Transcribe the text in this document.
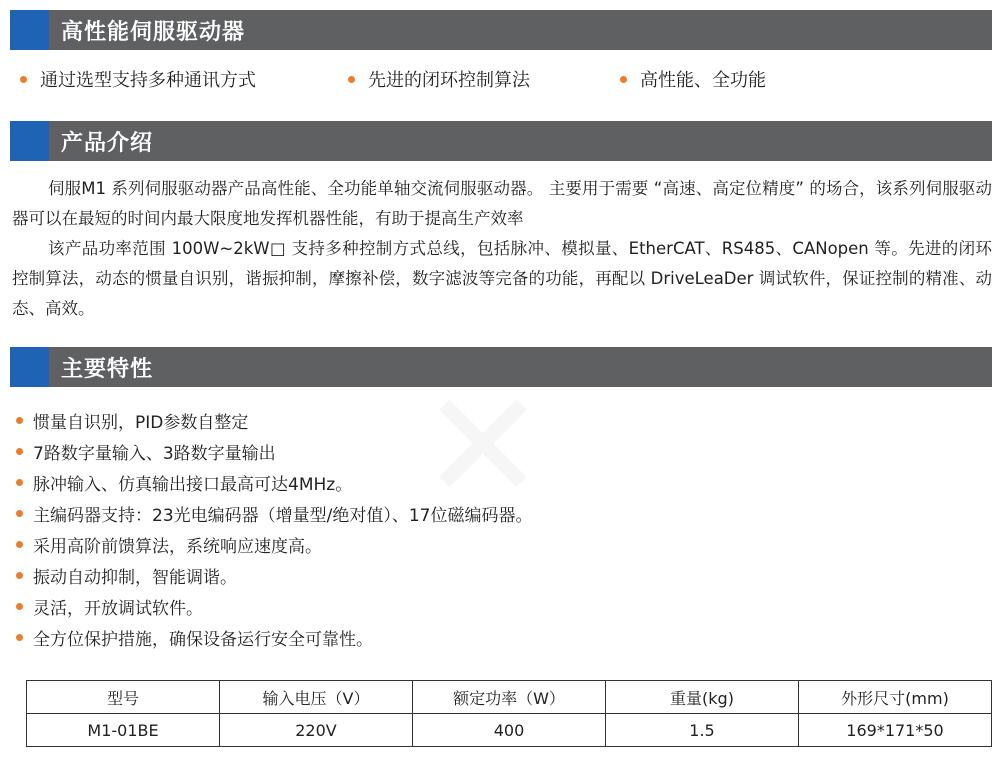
高性能伺服驱动器
通过选型支持多种通讯方式	先进的闭环控制算法	高性能、全功能
产品介绍

伺服M1 系列伺服驱动器产品高性能、全功能单轴交流伺服驱动器。 主要用于需要 “高速、高定位精度” 的场合，该系列伺服驱动器可以在最短的时间内最大限度地发挥机器性能，有助于提高生产效率

该产品功率范围 100W~2kW□ 支持多种控制方式总线，包括脉冲、模拟量、EtherCAT、RS485、CANopen 等。先进的闭环控制算法，动态的惯量自识别，谐振抑制，摩擦补偿，数字滤波等完备的功能，再配以 DriveLeaDer 调试软件，保证控制的精准、动态、高效。

主要特性
惯量自识别，PID参数自整定
7路数字量输入、3路数字量输出
脉冲输入、仿真输出接口最高可达4MHz。
主编码器支持：23光电编码器（增量型/绝对值）、17位磁编码器。
采用高阶前馈算法，系统响应速度高。
振动自动抑制，智能调谐。
灵活，开放调试软件。
全方位保护措施，确保设备运行安全可靠性。
型号	输入电压（V）	额定功率（W）	重量(kg)	外形尺寸(mm)
M1-01BE	220V	400	1.5	169*171*50
